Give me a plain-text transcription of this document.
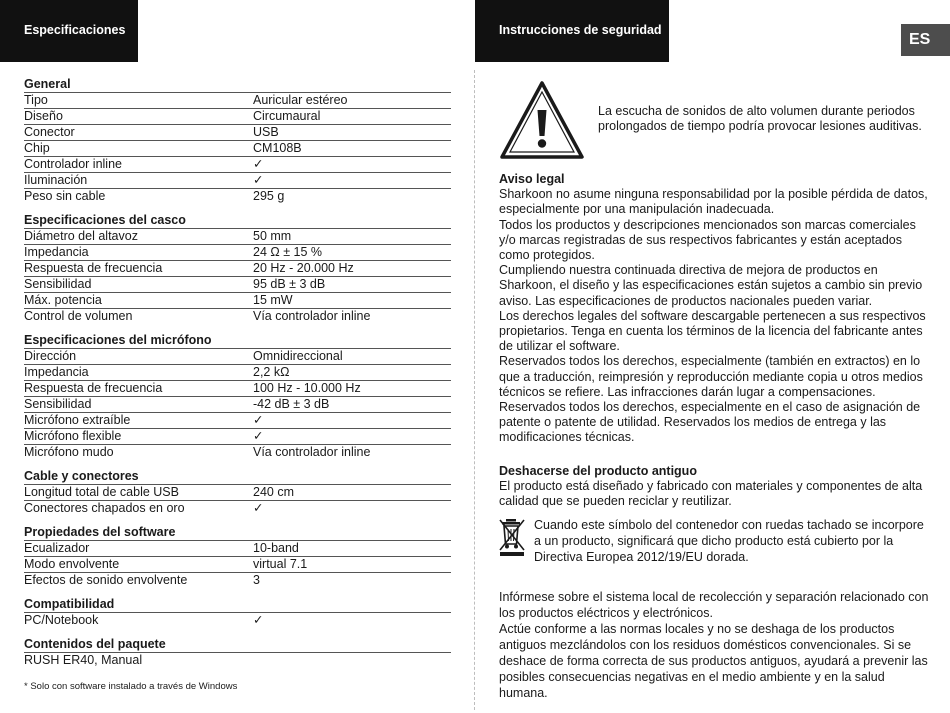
Especificaciones	Instrucciones de seguridad
ES
General
Tipo	Auricular estéreo
Diseño	Circumaural
Conector	USB
Chip	CM108B
Controlador inline	✓
Iluminación	✓
Peso sin cable	295 g
Especificaciones del casco
Diámetro del altavoz	50 mm
Impedancia	24 Ω ± 15 %
Respuesta de frecuencia	20 Hz - 20.000 Hz
Sensibilidad	95 dB ± 3 dB
Máx. potencia	15 mW
Control de volumen	Vía controlador inline
Especificaciones del micrófono
Dirección	Omnidireccional
Impedancia	2,2 kΩ
Respuesta de frecuencia	100 Hz - 10.000 Hz
Sensibilidad	-42 dB ± 3 dB
Micrófono extraíble	✓
Micrófono flexible	✓
Micrófono mudo	Vía controlador inline
Cable y conectores
Longitud total de cable USB	240 cm
Conectores chapados en oro	✓
Propiedades del software
Ecualizador	10-band
Modo envolvente	virtual 7.1
Efectos de sonido envolvente	3
Compatibilidad
PC/Notebook	✓
Contenidos del paquete
RUSH ER40, Manual
* Solo con software instalado a través de Windows
La escucha de sonidos de alto volumen durante periodos prolongados de tiempo podría provocar lesiones auditivas.
Aviso legal

Sharkoon no asume ninguna responsabilidad por la posible pérdida de datos, especialmente por una manipulación inadecuada.

Todos los productos y descripciones mencionados son marcas comerciales y/o marcas registradas de sus respectivos fabricantes y están aceptados como protegidos.

Cumpliendo nuestra continuada directiva de mejora de productos en Sharkoon, el diseño y las especificaciones están sujetos a cambio sin previo aviso. Las especificaciones de productos nacionales pueden variar.

Los derechos legales del software descargable pertenecen a sus respectivos propietarios. Tenga en cuenta los términos de la licencia del fabricante antes de utilizar el software.

Reservados todos los derechos, especialmente (también en extractos) en lo que a traducción, reimpresión y reproducción mediante copia u otros medios técnicos se refiere. Las infracciones darán lugar a compensaciones.

Reservados todos los derechos, especialmente en el caso de asignación de patente o patente de utilidad. Reservados los medios de entrega y las modificaciones técnicas.

Deshacerse del producto antiguo

El producto está diseñado y fabricado con materiales y componentes de alta calidad que se pueden reciclar y reutilizar.

Cuando este símbolo del contenedor con ruedas tachado se incorpore a un producto, significará que dicho producto está cubierto por la Directiva Europea 2012/19/EU dorada.

Infórmese sobre el sistema local de recolección y separación relacionado con los productos eléctricos y electrónicos.

Actúe conforme a las normas locales y no se deshaga de los productos antiguos mezclándolos con los residuos domésticos convencionales. Si se deshace de forma correcta de sus productos antiguos, ayudará a prevenir las posibles consecuencias negativas en el medio ambiente y en la salud humana.
